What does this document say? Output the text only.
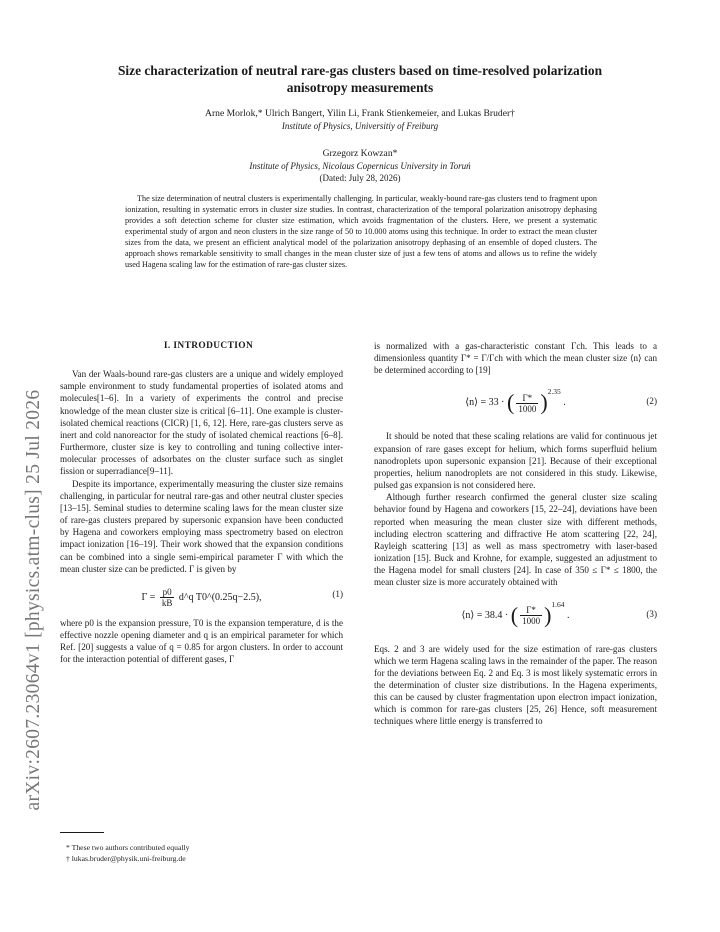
arXiv:2607.23064v1 [physics.atm-clus] 25 Jul 2026
Size characterization of neutral rare-gas clusters based on time-resolved polarization
anisotropy measurements
Arne Morlok,* Ulrich Bangert, Yilin Li, Frank Stienkemeier, and Lukas Bruder†
Institute of Physics, Universitiy of Freiburg
Grzegorz Kowzan*
Institute of Physics, Nicolaus Copernicus University in Toruń
(Dated: July 28, 2026)

The size determination of neutral clusters is experimentally challenging. In particular, weakly-bound rare-gas clusters tend to fragment upon ionization, resulting in systematic errors in cluster size studies. In contrast, characterization of the temporal polarization anisotropy dephasing provides a soft detection scheme for cluster size estimation, which avoids fragmentation of the clusters. Here, we present a systematic experimental study of argon and neon clusters in the size range of 50 to 10.000 atoms using this technique. In order to extract the mean cluster sizes from the data, we present an efficient analytical model of the polarization anisotropy dephasing of an ensemble of doped clusters. The approach shows remarkable sensitivity to small changes in the mean cluster size of just a few tens of atoms and allows us to refine the widely used Hagena scaling law for the estimation of rare-gas cluster sizes.

I. INTRODUCTION

Van der Waals-bound rare-gas clusters are a unique and widely employed sample environment to study fundamental properties of isolated atoms and molecules[1–6]. In a variety of experiments the control and precise knowledge of the mean cluster size is critical [6–11]. One example is cluster-isolated chemical reactions (CICR) [1, 6, 12]. Here, rare-gas clusters serve as inert and cold nanoreactor for the study of isolated chemical reactions [6–8]. Furthermore, cluster size is key to controlling and tuning collective inter-molecular processes of adsorbates on the cluster surface such as singlet fission or superradiance[9–11].

Despite its importance, experimentally measuring the cluster size remains challenging, in particular for neutral rare-gas and other neutral cluster species [13–15]. Seminal studies to determine scaling laws for the mean cluster size of rare-gas clusters prepared by supersonic expansion have been conducted by Hagena and coworkers employing mass spectrometry based on electron impact ionization [16–19]. Their work showed that the expansion conditions can be combined into a single semi-empirical parameter Γ with which the mean cluster size can be predicted. Γ is given by

$\Gamma = \frac{p0}{kB}$ d^q T0^(0.25q−2.5),	(1)

where p0 is the expansion pressure, T0 is the expansion temperature, d is the effective nozzle opening diameter and q is an empirical parameter for which Ref. [20] suggests a value of q = 0.85 for argon clusters. In order to account for the interaction potential of different gases, Γ

is normalized with a gas-characteristic constant Γch. This leads to a dimensionless quantity Γ* = Γ/Γch with which the mean cluster size ⟨n⟩ can be determined according to [19]

⟨n⟩ = 33 · ( $\frac{\Gamma*}{1000} )^{2.35}$ .	(2)

It should be noted that these scaling relations are valid for continuous jet expansion of rare gases except for helium, which forms superfluid helium nanodroplets upon supersonic expansion [21]. Because of their exceptional properties, helium nanodroplets are not considered in this study. Likewise, pulsed gas expansion is not considered here.

Although further research confirmed the general cluster size scaling behavior found by Hagena and coworkers [15, 22–24], deviations have been reported when measuring the mean cluster size with different methods, including electron scattering and diffractive He atom scattering [22, 24], Rayleigh scattering [13] as well as mass spectrometry with laser-based ionization [15]. Buck and Krohne, for example, suggested an adjustment to the Hagena model for small clusters [24]. In case of 350 ≤ Γ* ≤ 1800, the mean cluster size is more accurately obtained with

⟨n⟩ = 38.4 · ( $\frac{\Gamma*}{1000} )^{1.64}$ .	(3)

Eqs. 2 and 3 are widely used for the size estimation of rare-gas clusters which we term Hagena scaling laws in the remainder of the paper. The reason for the deviations between Eq. 2 and Eq. 3 is most likely systematic errors in the determination of cluster size distributions. In the Hagena experiments, this can be caused by cluster fragmentation upon electron impact ionization, which is common for rare-gas clusters [25, 26] Hence, soft measurement techniques where little energy is transferred to

* These two authors contributed equally

† lukas.bruder@physik.uni-freiburg.de
